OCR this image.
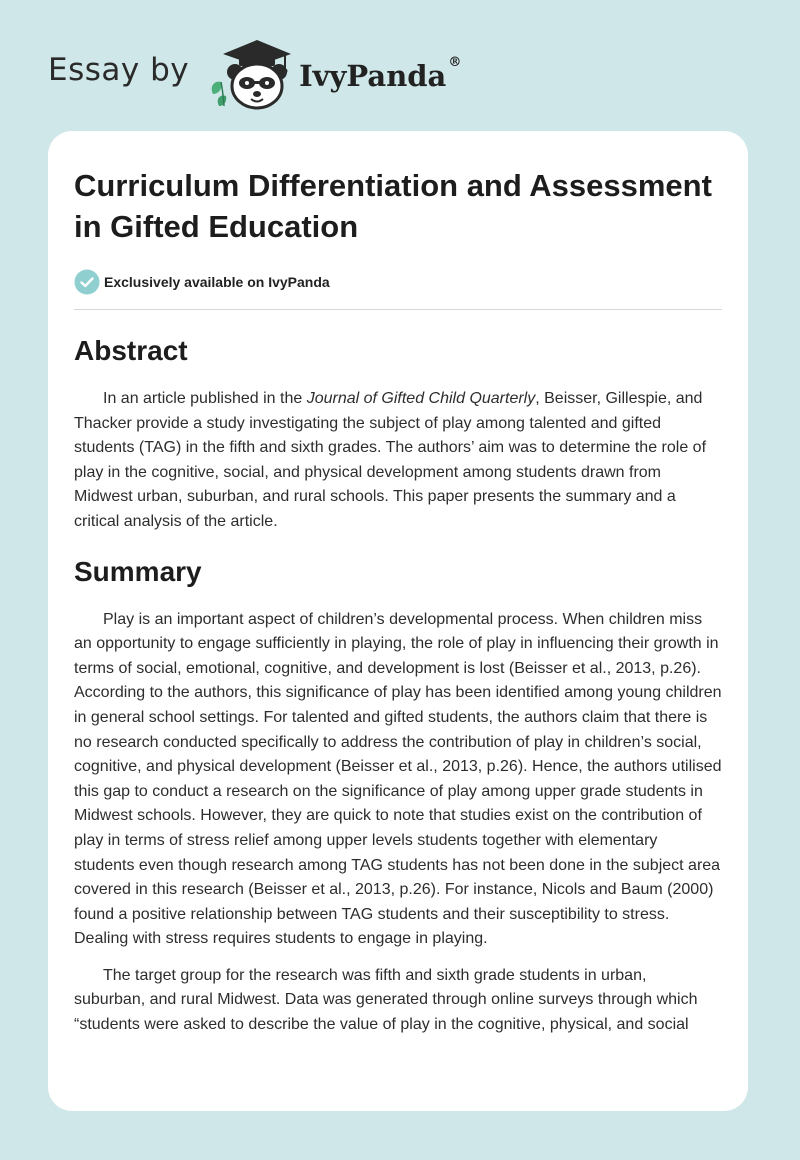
Essay by	IvyPanda ®
Curriculum Differentiation and Assessment in Gifted Education
Exclusively available on IvyPanda
Abstract

In an article published in the Journal of Gifted Child Quarterly, Beisser, Gillespie, and Thacker provide a study investigating the subject of play among talented and gifted students (TAG) in the fifth and sixth grades. The authors’ aim was to determine the role of play in the cognitive, social, and physical development among students drawn from Midwest urban, suburban, and rural schools. This paper presents the summary and a critical analysis of the article.

Summary

Play is an important aspect of children’s developmental process. When children miss an opportunity to engage sufficiently in playing, the role of play in influencing their growth in terms of social, emotional, cognitive, and development is lost (Beisser et al., 2013, p.26). According to the authors, this significance of play has been identified among young children in general school settings. For talented and gifted students, the authors claim that there is no research conducted specifically to address the contribution of play in children’s social, cognitive, and physical development (Beisser et al., 2013, p.26). Hence, the authors utilised this gap to conduct a research on the significance of play among upper grade students in Midwest schools. However, they are quick to note that studies exist on the contribution of play in terms of stress relief among upper levels students together with elementary students even though research among TAG students has not been done in the subject area covered in this research (Beisser et al., 2013, p.26). For instance, Nicols and Baum (2000) found a positive relationship between TAG students and their susceptibility to stress. Dealing with stress requires students to engage in playing.

The target group for the research was fifth and sixth grade students in urban, suburban, and rural Midwest. Data was generated through online surveys through which “students were asked to describe the value of play in the cognitive, physical, and social
